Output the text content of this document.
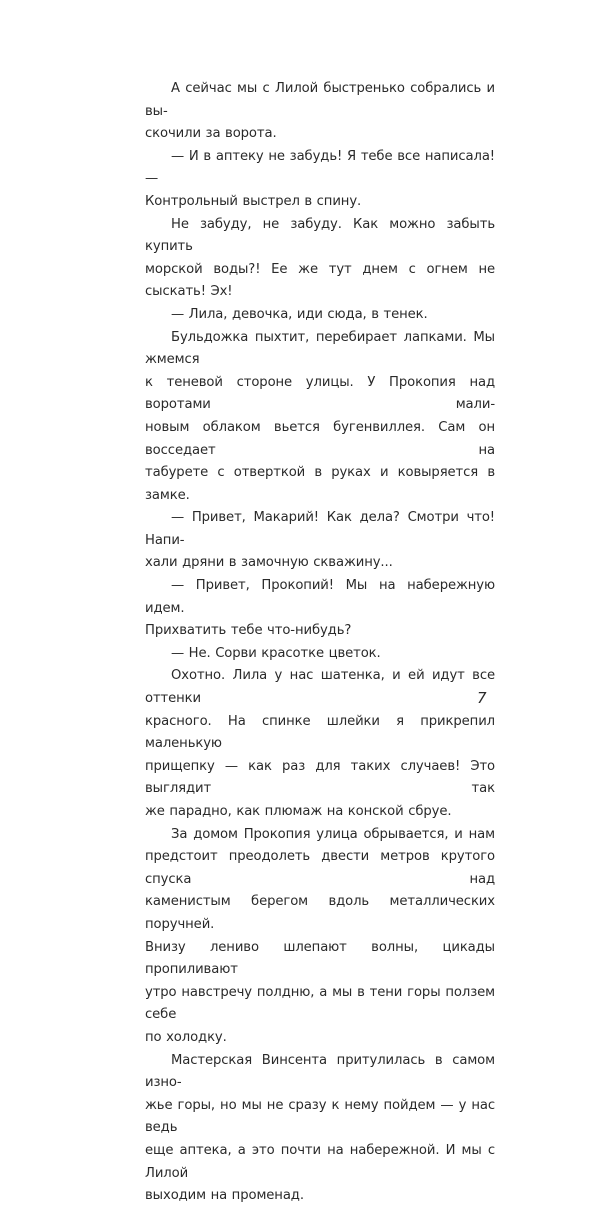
А сейчас мы с Лилой быстренько собрались и вы-
скочили за ворота.

— И в аптеку не забудь! Я тебе все написала! —
Контрольный выстрел в спину.

Не забуду, не забуду. Как можно забыть купить
морской воды?! Ее же тут днем с огнем не сыскать! Эх!

— Лила, девочка, иди сюда, в тенек.

Бульдожка пыхтит, перебирает лапками. Мы жмемся
к теневой стороне улицы. У Прокопия над воротами мали-
новым облаком вьется бугенвиллея. Сам он восседает на
табурете с отверткой в руках и ковыряется в замке.

— Привет, Макарий! Как дела? Смотри что! Напи-
хали дряни в замочную скважину...

— Привет, Прокопий! Мы на набережную идем.
Прихватить тебе что-нибудь?

— Не. Сорви красотке цветок.

Охотно. Лила у нас шатенка, и ей идут все оттенки
красного. На спинке шлейки я прикрепил маленькую
прищепку — как раз для таких случаев! Это выглядит так
же парадно, как плюмаж на конской сбруе.

За домом Прокопия улица обрывается, и нам
предстоит преодолеть двести метров крутого спуска над
каменистым берегом вдоль металлических поручней.
Внизу лениво шлепают волны, цикады пропиливают
утро навстречу полдню, а мы в тени горы ползем себе
по холодку.

Мастерская Винсента притулилась в самом изно-
жье горы, но мы не сразу к нему пойдем — у нас ведь
еще аптека, а это почти на набережной. И мы с Лилой
выходим на променад.

7
